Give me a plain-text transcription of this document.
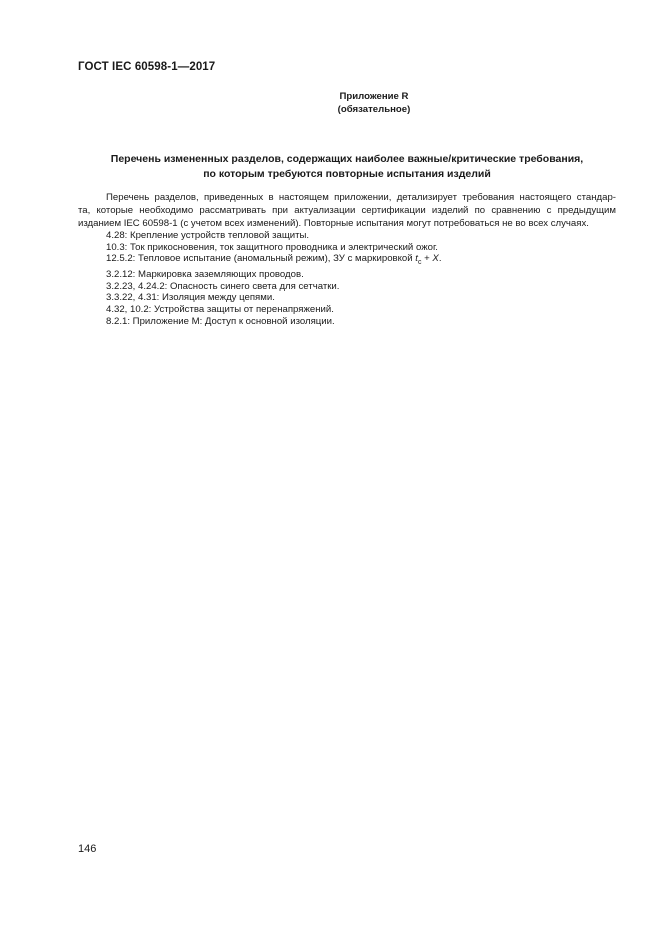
ГОСТ IEC 60598-1—2017
Приложение R
(обязательное)
Перечень измененных разделов, содержащих наиболее важные/критические требования,
по которым требуются повторные испытания изделий
Перечень разделов, приведенных в настоящем приложении, детализирует требования настоящего стандар-
та, которые необходимо рассматривать при актуализации сертификации изделий по сравнению с предыдущим
изданием IEC 60598-1 (с учетом всех изменений). Повторные испытания могут потребоваться не во всех случаях.
4.28: Крепление устройств тепловой защиты.
10.3: Ток прикосновения, ток защитного проводника и электрический ожог.
12.5.2: Тепловое испытание (аномальный режим), ЗУ с маркировкой $t_c + X$.
3.2.12: Маркировка заземляющих проводов.
3.2.23, 4.24.2: Опасность синего света для сетчатки.
3.3.22, 4.31: Изоляция между цепями.
4.32, 10.2: Устройства защиты от перенапряжений.
8.2.1: Приложение M: Доступ к основной изоляции.
146
